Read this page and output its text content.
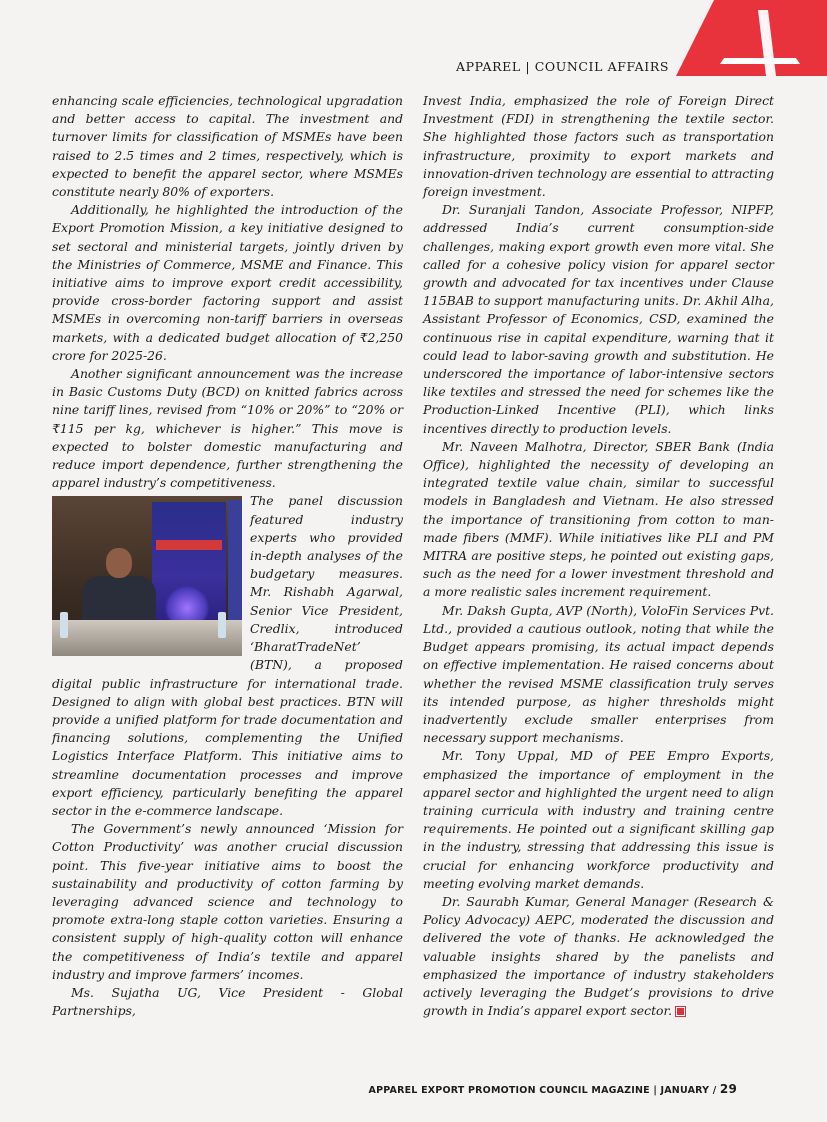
APPAREL | COUNCIL AFFAIRS

enhancing scale efficiencies, technological upgradation and better access to capital. The investment and turnover limits for classification of MSMEs have been raised to 2.5 times and 2 times, respectively, which is expected to benefit the apparel sector, where MSMEs constitute nearly 80% of exporters.

Additionally, he highlighted the introduction of the Export Promotion Mission, a key initiative designed to set sectoral and ministerial targets, jointly driven by the Ministries of Commerce, MSME and Finance. This initiative aims to improve export credit accessibility, provide cross-border factoring support and assist MSMEs in overcoming non-tariff barriers in overseas markets, with a dedicated budget allocation of ₹2,250 crore for 2025-26.

Another significant announcement was the increase in Basic Customs Duty (BCD) on knitted fabrics across nine tariff lines, revised from “10% or 20%” to “20% or ₹115 per kg, whichever is higher.” This move is expected to bolster domestic manufacturing and reduce import dependence, further strengthening the apparel industry’s competitiveness.

The panel discussion featured industry experts who provided in-depth analyses of the budgetary measures. Mr. Rishabh Agarwal, Senior Vice President, Credlix, introduced ‘BharatTradeNet’ (BTN), a proposed digital public infrastructure for international trade. Designed to align with global best practices. BTN will provide a unified platform for trade documentation and financing solutions, complementing the Unified Logistics Interface Platform. This initiative aims to streamline documentation processes and improve export efficiency, particularly benefiting the apparel sector in the e-commerce landscape.

The Government’s newly announced ‘Mission for Cotton Productivity’ was another crucial discussion point. This five-year initiative aims to boost the sustainability and productivity of cotton farming by leveraging advanced science and technology to promote extra-long staple cotton varieties. Ensuring a consistent supply of high-quality cotton will enhance the competitiveness of India’s textile and apparel industry and improve farmers’ incomes.

Ms. Sujatha UG, Vice President - Global Partnerships,

Invest India, emphasized the role of Foreign Direct Investment (FDI) in strengthening the textile sector. She highlighted those factors such as transportation infrastructure, proximity to export markets and innovation-driven technology are essential to attracting foreign investment.

Dr. Suranjali Tandon, Associate Professor, NIPFP, addressed India’s current consumption-side challenges, making export growth even more vital. She called for a cohesive policy vision for apparel sector growth and advocated for tax incentives under Clause 115BAB to support manufacturing units. Dr. Akhil Alha, Assistant Professor of Economics, CSD, examined the continuous rise in capital expenditure, warning that it could lead to labor-saving growth and substitution. He underscored the importance of labor-intensive sectors like textiles and stressed the need for schemes like the Production-Linked Incentive (PLI), which links incentives directly to production levels.

Mr. Naveen Malhotra, Director, SBER Bank (India Office), highlighted the necessity of developing an integrated textile value chain, similar to successful models in Bangladesh and Vietnam. He also stressed the importance of transitioning from cotton to man-made fibers (MMF). While initiatives like PLI and PM MITRA are positive steps, he pointed out existing gaps, such as the need for a lower investment threshold and a more realistic sales increment requirement.

Mr. Daksh Gupta, AVP (North), VoloFin Services Pvt. Ltd., provided a cautious outlook, noting that while the Budget appears promising, its actual impact depends on effective implementation. He raised concerns about whether the revised MSME classification truly serves its intended purpose, as higher thresholds might inadvertently exclude smaller enterprises from necessary support mechanisms.

Mr. Tony Uppal, MD of PEE Empro Exports, emphasized the importance of employment in the apparel sector and highlighted the urgent need to align training curricula with industry and training centre requirements. He pointed out a significant skilling gap in the industry, stressing that addressing this issue is crucial for enhancing workforce productivity and meeting evolving market demands.

Dr. Saurabh Kumar, General Manager (Research & Policy Advocacy) AEPC, moderated the discussion and delivered the vote of thanks. He acknowledged the valuable insights shared by the panelists and emphasized the importance of industry stakeholders actively leveraging the Budget’s provisions to drive growth in India’s apparel export sector.

APPAREL EXPORT PROMOTION COUNCIL MAGAZINE | JANUARY / 29
